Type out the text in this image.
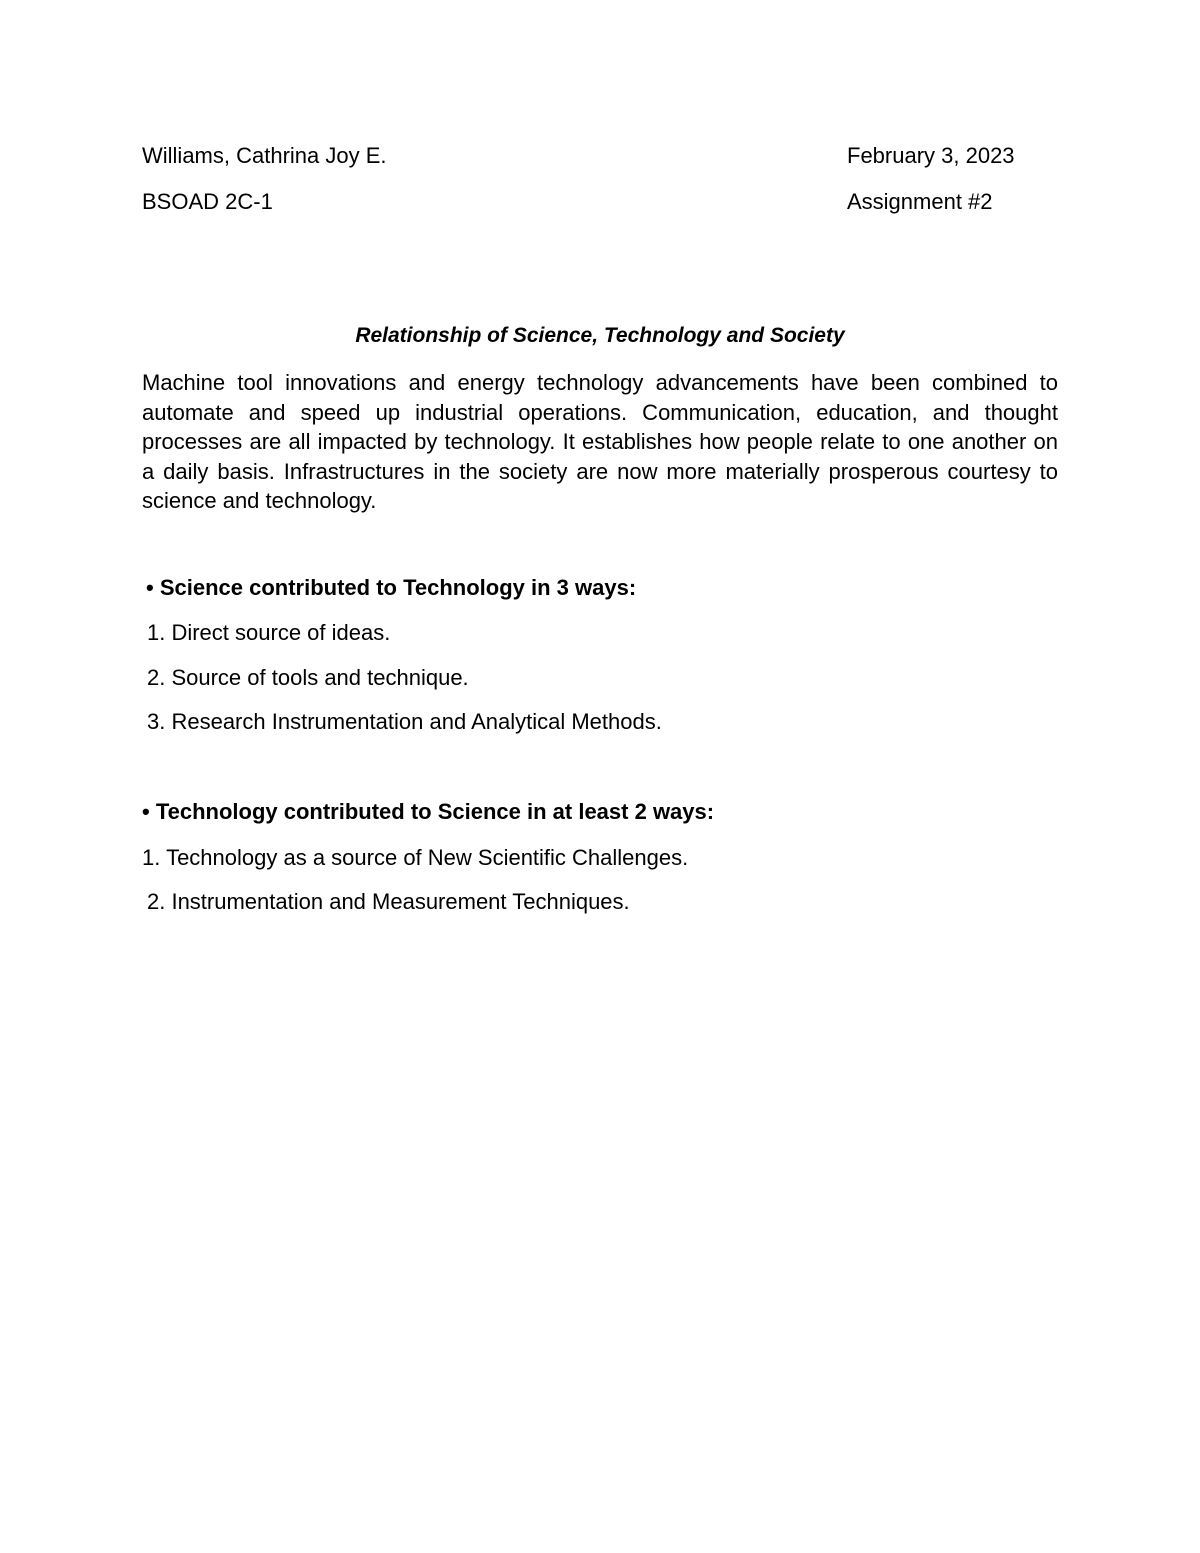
Williams, Cathrina Joy E.	February 3, 2023
BSOAD 2C-1	Assignment #2
Relationship of Science, Technology and Society
Machine tool innovations and energy technology advancements have been combined to automate and speed up industrial operations. Communication, education, and thought processes are all impacted by technology. It establishes how people relate to one another on a daily basis. Infrastructures in the society are now more materially prosperous courtesy to science and technology.
• Science contributed to Technology in 3 ways:
1. Direct source of ideas.
2. Source of tools and technique.
3. Research Instrumentation and Analytical Methods.
• Technology contributed to Science in at least 2 ways:
1. Technology as a source of New Scientific Challenges.
2. Instrumentation and Measurement Techniques.
